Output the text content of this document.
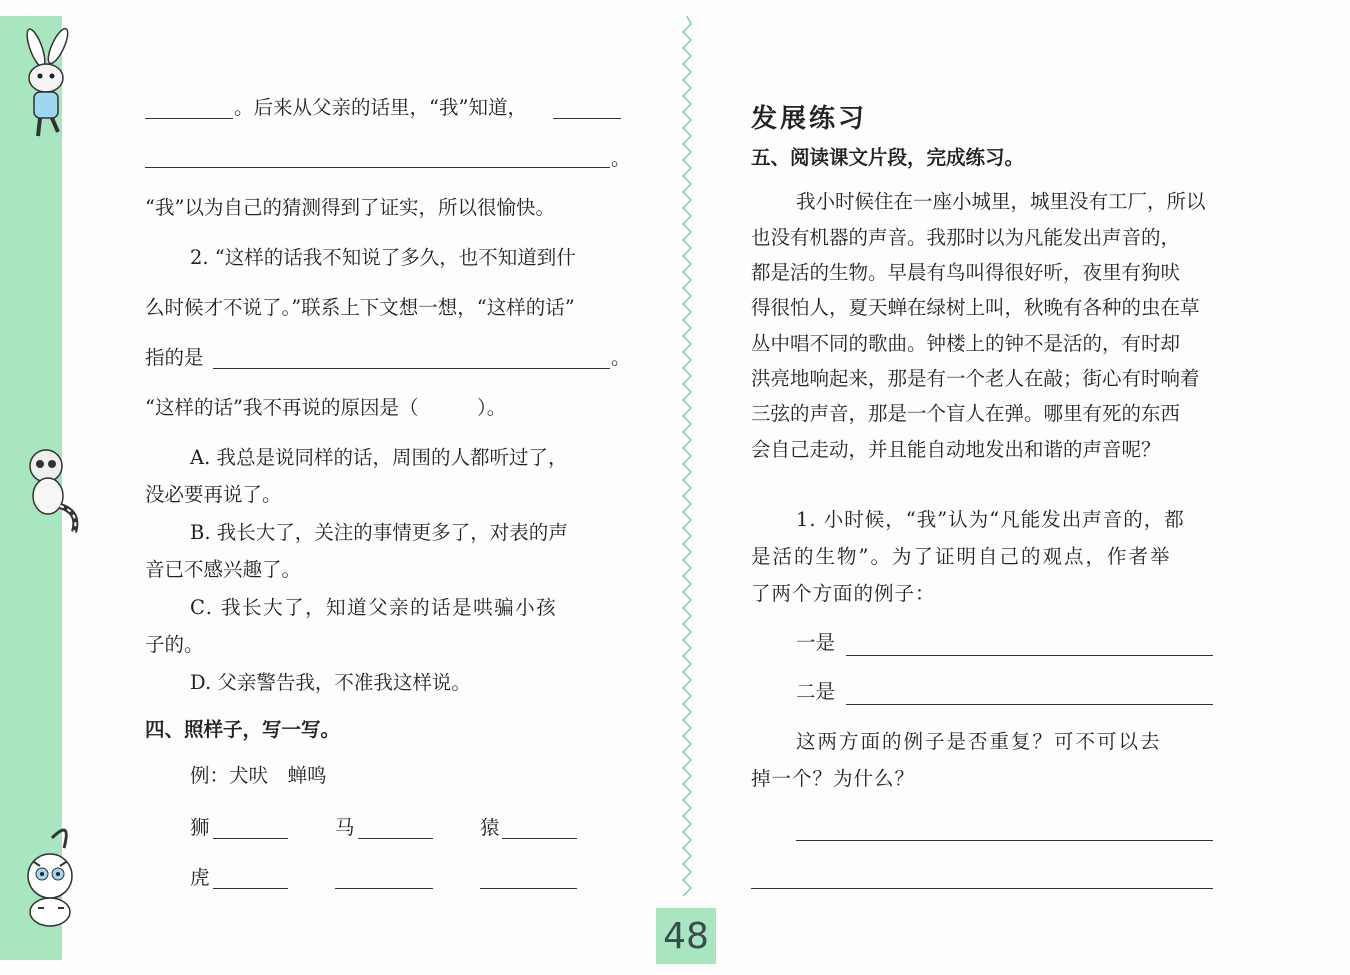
。后来从父亲的话里，“我”知道，
。
“我”以为自己的猜测得到了证实，所以很愉快。
2. “这样的话我不知说了多久，也不知道到什
么时候才不说了。”联系上下文想一想，“这样的话”
指的是	。
“这样的话”我不再说的原因是（　　　）。
A. 我总是说同样的话，周围的人都听过了，
没必要再说了。
B. 我长大了，关注的事情更多了，对表的声
音已不感兴趣了。
C. 我长大了，知道父亲的话是哄骗小孩
子的。
D. 父亲警告我，不准我这样说。
四、照样子，写一写。
例：犬吠　蝉鸣
狮	马	猿
虎
发展练习
五、阅读课文片段，完成练习。
我小时候住在一座小城里，城里没有工厂，所以
也没有机器的声音。我那时以为凡能发出声音的，
都是活的生物。早晨有鸟叫得很好听，夜里有狗吠
得很怕人，夏天蝉在绿树上叫，秋晚有各种的虫在草
丛中唱不同的歌曲。钟楼上的钟不是活的，有时却
洪亮地响起来，那是有一个老人在敲；街心有时响着
三弦的声音，那是一个盲人在弹。哪里有死的东西
会自己走动，并且能自动地发出和谐的声音呢？
1. 小时候，“我”认为“凡能发出声音的，都
是活的生物”。为了证明自己的观点，作者举
了两个方面的例子：
一是
二是
这两方面的例子是否重复？可不可以去
掉一个？为什么？
48
